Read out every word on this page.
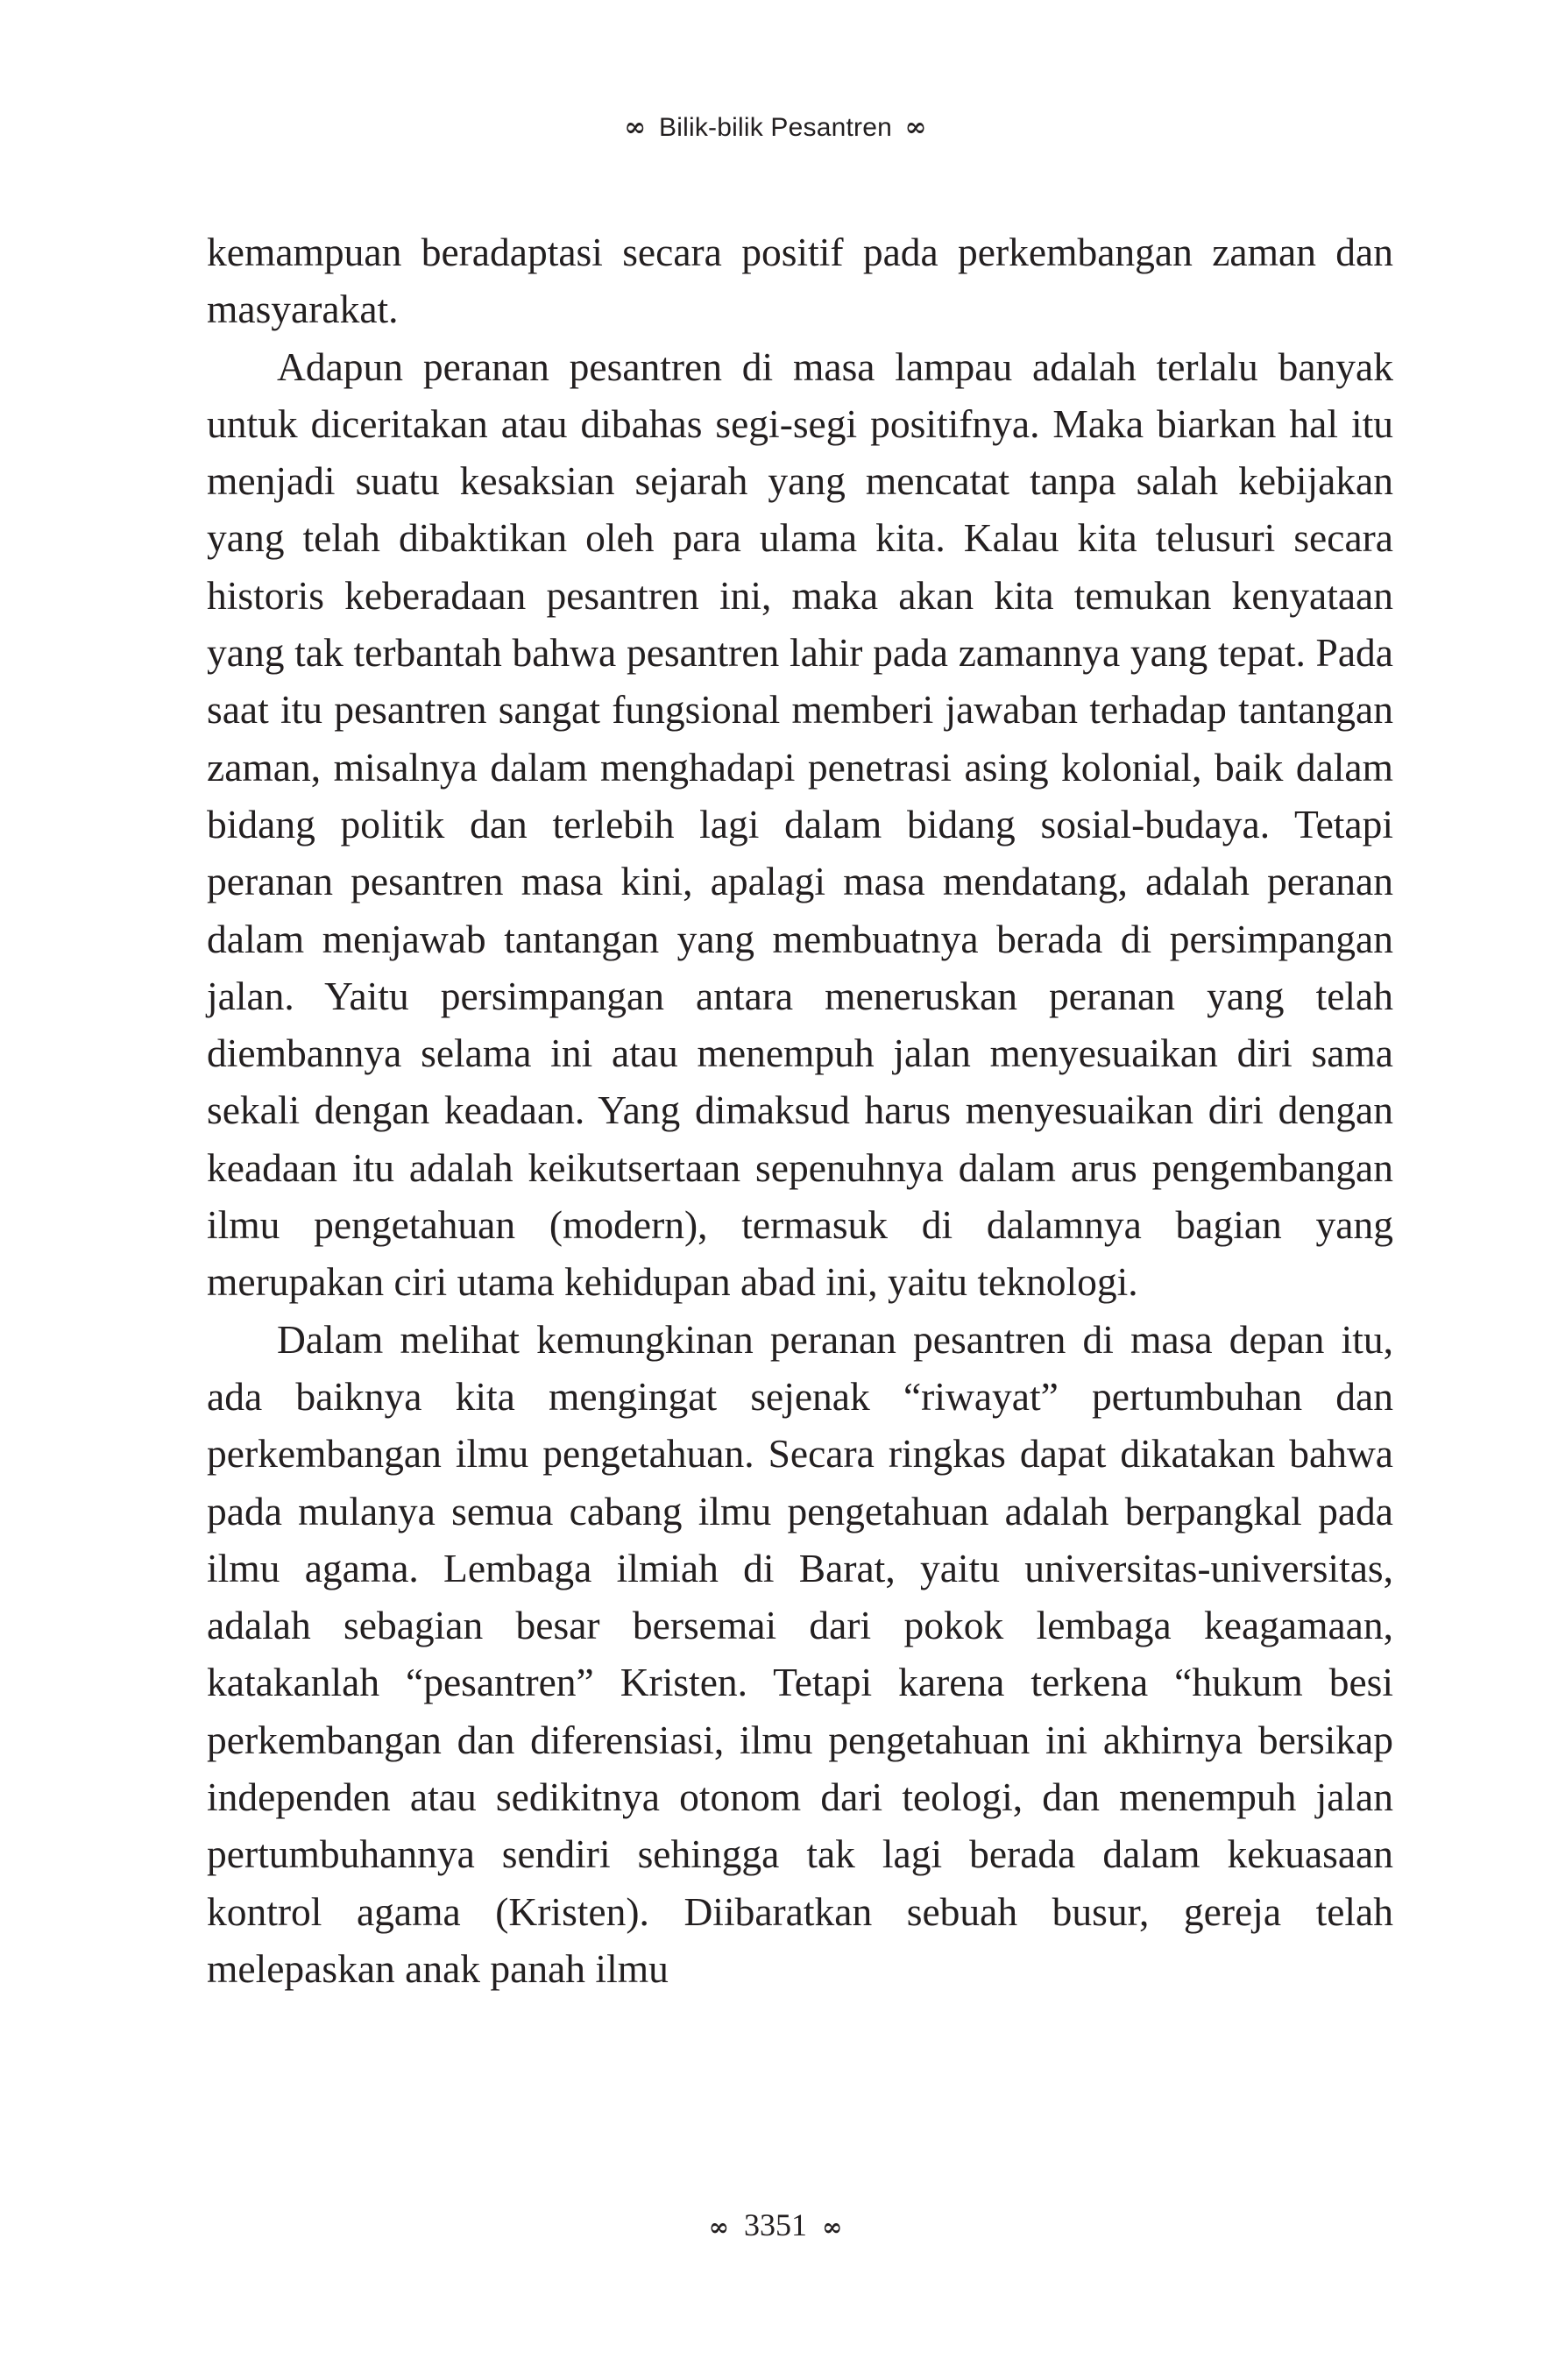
∞ Bilik-bilik Pesantren ∞

kemampuan beradaptasi secara positif pada perkembangan zaman dan masyarakat.

Adapun peranan pesantren di masa lampau adalah terlalu banyak untuk diceritakan atau dibahas segi-segi positifnya. Maka biarkan hal itu menjadi suatu kesaksian sejarah yang mencatat tanpa salah kebijakan yang telah dibaktikan oleh para ulama kita. Kalau kita telusuri secara historis keberadaan pesantren ini, maka akan kita temukan kenyataan yang tak terbantah bahwa pesantren lahir pada zamannya yang tepat. Pada saat itu pesantren sangat fungsional memberi jawaban terhadap tantangan zaman, misalnya dalam menghadapi penetrasi asing kolonial, baik dalam bidang politik dan terlebih lagi dalam bidang sosial-budaya. Tetapi peranan pesantren masa kini, apalagi masa mendatang, adalah peranan dalam menjawab tantangan yang membuatnya berada di persimpangan jalan. Yaitu persimpangan antara meneruskan peranan yang telah diembannya selama ini atau menempuh jalan menyesuaikan diri sama sekali dengan keadaan. Yang dimaksud harus menyesuaikan diri dengan keadaan itu adalah keikutsertaan sepenuhnya dalam arus pengembangan ilmu pengetahuan (modern), termasuk di dalamnya bagian yang merupakan ciri utama kehidupan abad ini, yaitu teknologi.

Dalam melihat kemungkinan peranan pesantren di masa depan itu, ada baiknya kita mengingat sejenak “riwayat” pertumbuhan dan perkembangan ilmu pengetahuan. Secara ringkas dapat dikatakan bahwa pada mulanya semua cabang ilmu pengetahuan adalah berpangkal pada ilmu agama. Lembaga ilmiah di Barat, yaitu universitas-universitas, adalah sebagian besar bersemai dari pokok lembaga keagamaan, katakanlah “pesantren” Kristen. Tetapi karena terkena “hukum besi perkembangan dan diferensiasi, ilmu pengetahuan ini akhirnya bersikap independen atau sedikitnya otonom dari teologi, dan menempuh jalan pertumbuhannya sendiri sehingga tak lagi berada dalam kekuasaan kontrol agama (Kristen). Diibaratkan sebuah busur, gereja telah melepaskan anak panah ilmu

∞ 3351 ∞
